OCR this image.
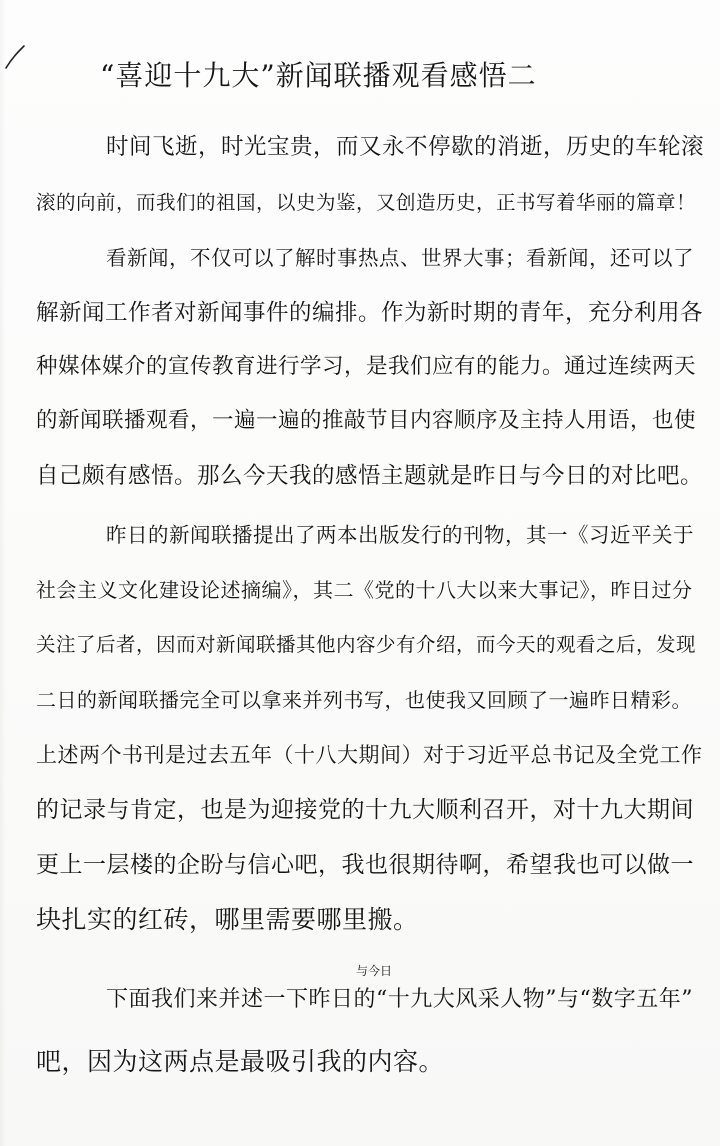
“喜迎十九大”新闻联播观看感悟二
时间飞逝，时光宝贵，而又永不停歇的消逝，历史的车轮滚
滚的向前，而我们的祖国，以史为鉴，又创造历史，正书写着华丽的篇章！
看新闻，不仅可以了解时事热点、世界大事；看新闻，还可以了
解新闻工作者对新闻事件的编排。作为新时期的青年，充分利用各
种媒体媒介的宣传教育进行学习，是我们应有的能力。通过连续两天
的新闻联播观看，一遍一遍的推敲节目内容顺序及主持人用语，也使
自己颇有感悟。那么今天我的感悟主题就是昨日与今日的对比吧。
昨日的新闻联播提出了两本出版发行的刊物，其一《习近平关于
社会主义文化建设论述摘编》，其二《党的十八大以来大事记》，昨日过分
关注了后者，因而对新闻联播其他内容少有介绍，而今天的观看之后，发现
二日的新闻联播完全可以拿来并列书写，也使我又回顾了一遍昨日精彩。
上述两个书刊是过去五年（十八大期间）对于习近平总书记及全党工作
的记录与肯定，也是为迎接党的十九大顺利召开，对十九大期间
更上一层楼的企盼与信心吧，我也很期待啊，希望我也可以做一
块扎实的红砖，哪里需要哪里搬。
与今日
下面我们来并述一下昨日的“十九大风采人物”与“数字五年”
吧，因为这两点是最吸引我的内容。
